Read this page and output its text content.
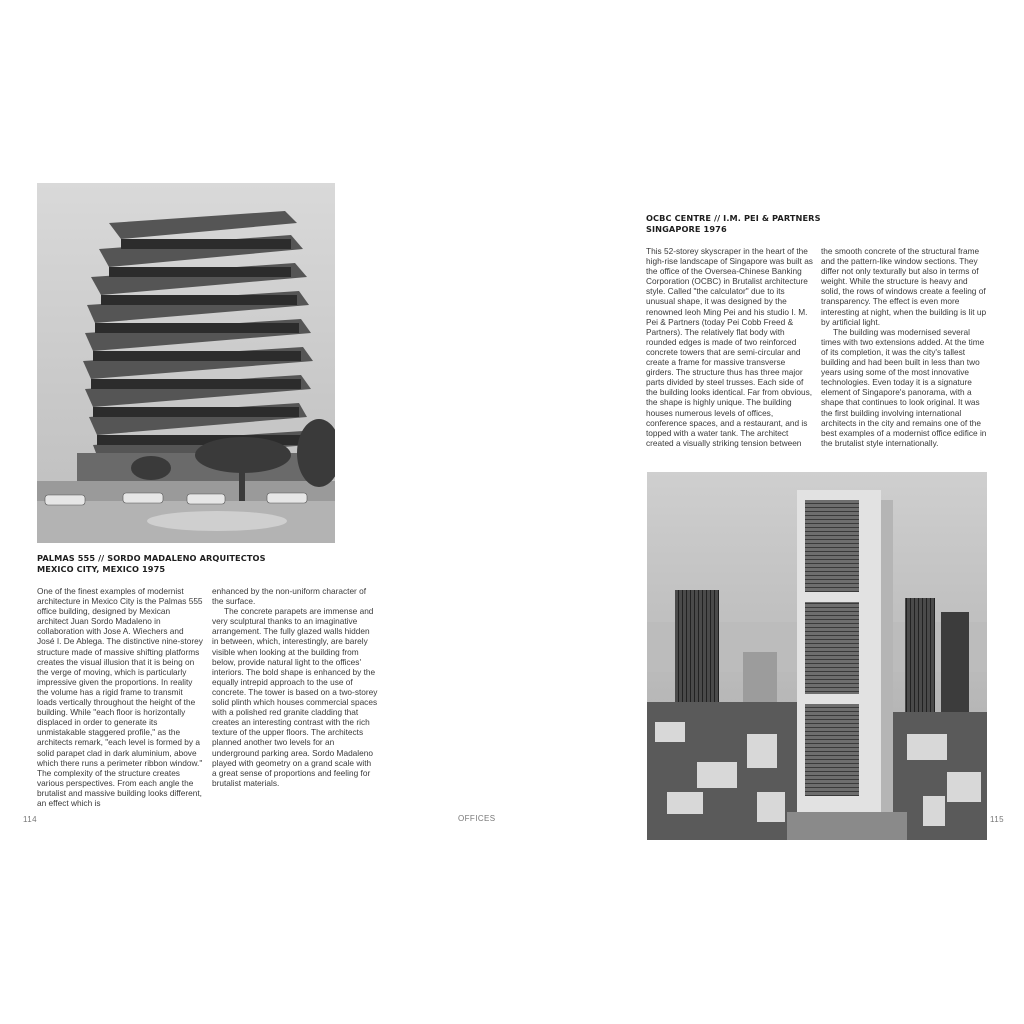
PALMAS 555 // SORDO MADALENO ARQUITECTOS
MEXICO CITY, MEXICO 1975

One of the finest examples of modernist architecture in Mexico City is the Palmas 555 office building, designed by Mexican architect Juan Sordo Madaleno in collaboration with Jose A. Wiechers and José I. De Ablega. The distinctive nine-storey structure made of massive shifting platforms creates the visual illusion that it is being on the verge of moving, which is particularly impressive given the proportions. In reality the volume has a rigid frame to transmit loads vertically throughout the height of the building. While "each floor is horizontally displaced in order to generate its unmistakable staggered profile," as the architects remark, "each level is formed by a solid parapet clad in dark aluminium, above which there runs a perimeter ribbon window." The complexity of the structure creates various perspectives. From each angle the brutalist and massive building looks different, an effect which is

enhanced by the non-uniform character of the surface.

The concrete parapets are immense and very sculptural thanks to an imaginative arrangement. The fully glazed walls hidden in between, which, interestingly, are barely visible when looking at the building from below, provide natural light to the offices' interiors. The bold shape is enhanced by the equally intrepid approach to the use of concrete. The tower is based on a two-storey solid plinth which houses commercial spaces with a polished red granite cladding that creates an interesting contrast with the rich texture of the upper floors. The architects planned another two levels for an underground parking area. Sordo Madaleno played with geometry on a grand scale with a great sense of proportions and feeling for brutalist materials.

114	OFFICES
OCBC CENTRE // I.M. PEI & PARTNERS
SINGAPORE 1976

This 52-storey skyscraper in the heart of the high-rise landscape of Singapore was built as the office of the Oversea-Chinese Banking Corporation (OCBC) in Brutalist architecture style. Called "the calculator" due to its unusual shape, it was designed by the renowned Ieoh Ming Pei and his studio I. M. Pei & Partners (today Pei Cobb Freed & Partners). The relatively flat body with rounded edges is made of two reinforced concrete towers that are semi-circular and create a frame for massive transverse girders. The structure thus has three major parts divided by steel trusses. Each side of the building looks identical. Far from obvious, the shape is highly unique. The building houses numerous levels of offices, conference spaces, and a restaurant, and is topped with a water tank. The architect created a visually striking tension between

the smooth concrete of the structural frame and the pattern-like window sections. They differ not only texturally but also in terms of weight. While the structure is heavy and solid, the rows of windows create a feeling of transparency. The effect is even more interesting at night, when the building is lit up by artificial light.

The building was modernised several times with two extensions added. At the time of its completion, it was the city's tallest building and had been built in less than two years using some of the most innovative technologies. Even today it is a signature element of Singapore's panorama, with a shape that continues to look original. It was the first building involving international architects in the city and remains one of the best examples of a modernist office edifice in the brutalist style internationally.

115
